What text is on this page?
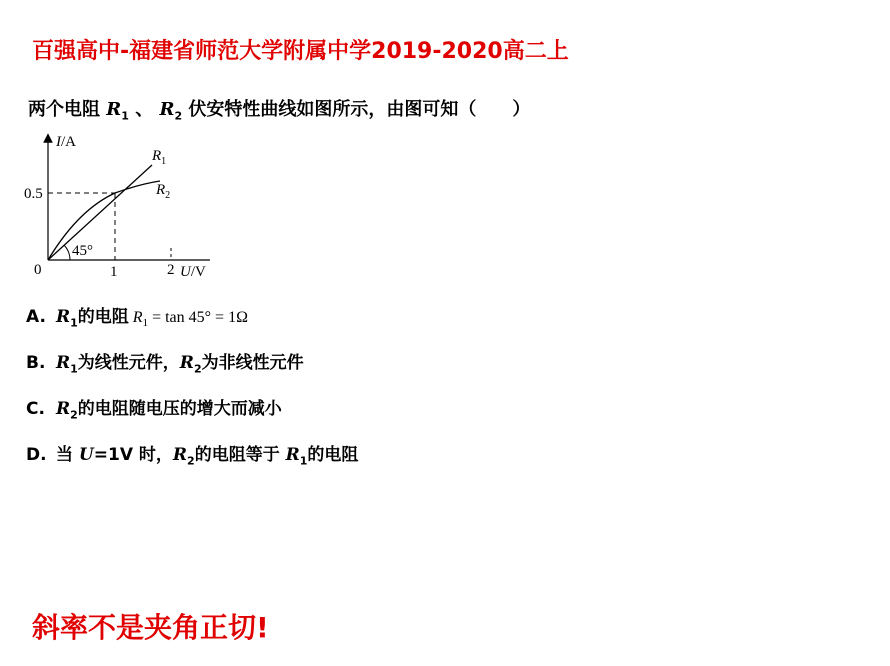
百强高中-福建省师范大学附属中学2019-2020高二上
两个电阻 $R_1$ 、 $R_2$ 伏安特性曲线如图所示，由图可知（　　）
I/A
0.5
0	1	2 U/V
45°
$R_1$
$R_2$
A. $R_1$的电阻 $R_1 = \tan 45^\circ = 1\Omega$
B. $R_1$为线性元件，$R_2$为非线性元件
C. $R_2$的电阻随电压的增大而减小
D. 当 U=1V 时，$R_2$的电阻等于 $R_1$的电阻
斜率不是夹角正切!
